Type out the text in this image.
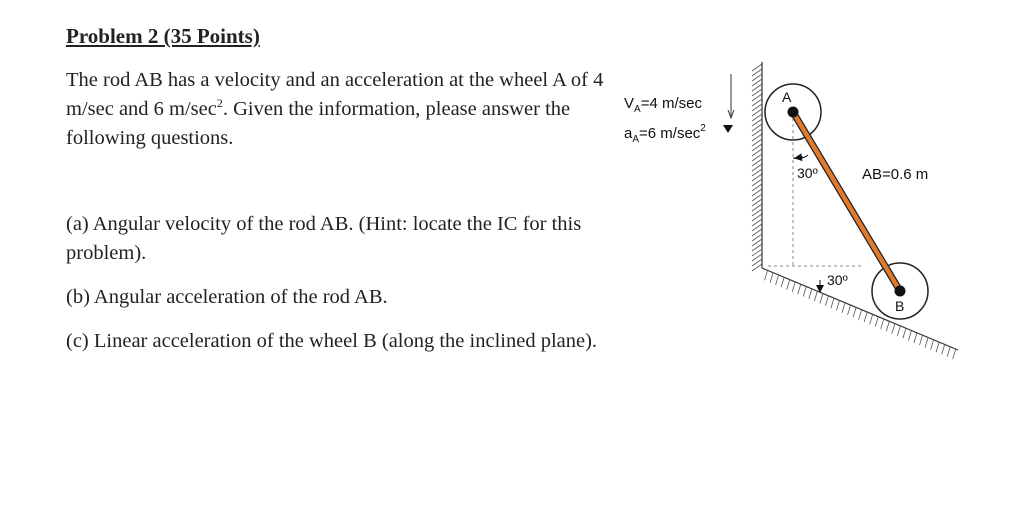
Problem 2 (35 Points)
The rod AB has a velocity and an acceleration at the wheel A of 4 m/sec and 6 $m/\sec^2$. Given the information, please answer the following questions.
(a) Angular velocity of the rod AB. (Hint: locate the IC for this problem).
(b) Angular acceleration of the rod AB.
(c) Linear acceleration of the wheel B (along the inclined plane).
A
B
30º
30º
AB=0.6 m
$V_A=4$ m/sec
$a_A=6$ $m/\sec^2$
